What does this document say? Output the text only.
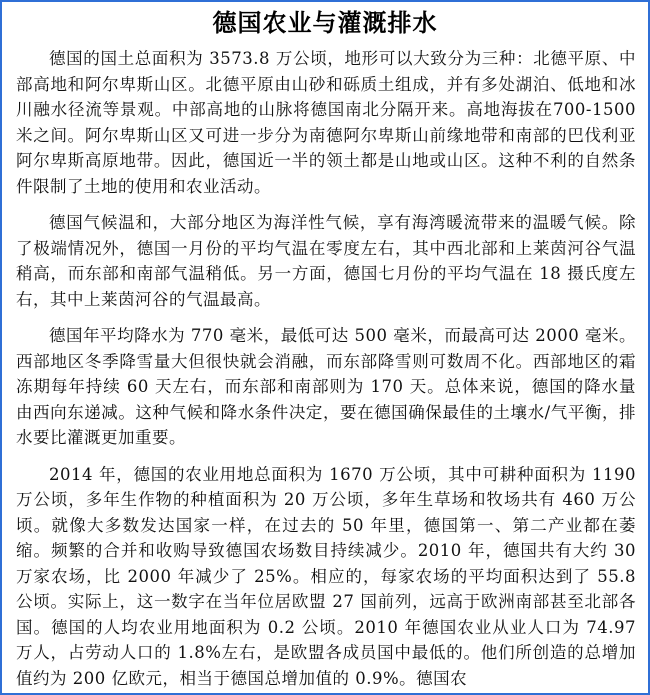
德国农业与灌溉排水

德国的国土总面积为 3573.8 万公顷，地形可以大致分为三种：北德平原、中部高地和阿尔卑斯山区。北德平原由山砂和砾质土组成，并有多处湖泊、低地和冰川融水径流等景观。中部高地的山脉将德国南北分隔开来。高地海拔在700-1500 米之间。阿尔卑斯山区又可进一步分为南德阿尔卑斯山前缘地带和南部的巴伐利亚阿尔卑斯高原地带。因此，德国近一半的领土都是山地或山区。这种不利的自然条件限制了土地的使用和农业活动。

德国气候温和，大部分地区为海洋性气候，享有海湾暖流带来的温暖气候。除了极端情况外，德国一月份的平均气温在零度左右，其中西北部和上莱茵河谷气温稍高，而东部和南部气温稍低。另一方面，德国七月份的平均气温在 18 摄氏度左右，其中上莱茵河谷的气温最高。

德国年平均降水为 770 毫米，最低可达 500 毫米，而最高可达 2000 毫米。西部地区冬季降雪量大但很快就会消融，而东部降雪则可数周不化。西部地区的霜冻期每年持续 60 天左右，而东部和南部则为 170 天。总体来说，德国的降水量由西向东递减。这种气候和降水条件决定，要在德国确保最佳的土壤水/气平衡，排水要比灌溉更加重要。

2014 年，德国的农业用地总面积为 1670 万公顷，其中可耕种面积为 1190 万公顷，多年生作物的种植面积为 20 万公顷，多年生草场和牧场共有 460 万公顷。就像大多数发达国家一样，在过去的 50 年里，德国第一、第二产业都在萎缩。频繁的合并和收购导致德国农场数目持续减少。2010 年，德国共有大约 30 万家农场，比 2000 年减少了 25%。相应的，每家农场的平均面积达到了 55.8 公顷。实际上，这一数字在当年位居欧盟 27 国前列，远高于欧洲南部甚至北部各国。德国的人均农业用地面积为 0.2 公顷。2010 年德国农业从业人口为 74.97 万人，占劳动人口的 1.8%左右，是欧盟各成员国中最低的。他们所创造的总增加值约为 200 亿欧元，相当于德国总增加值的 0.9%。德国农
